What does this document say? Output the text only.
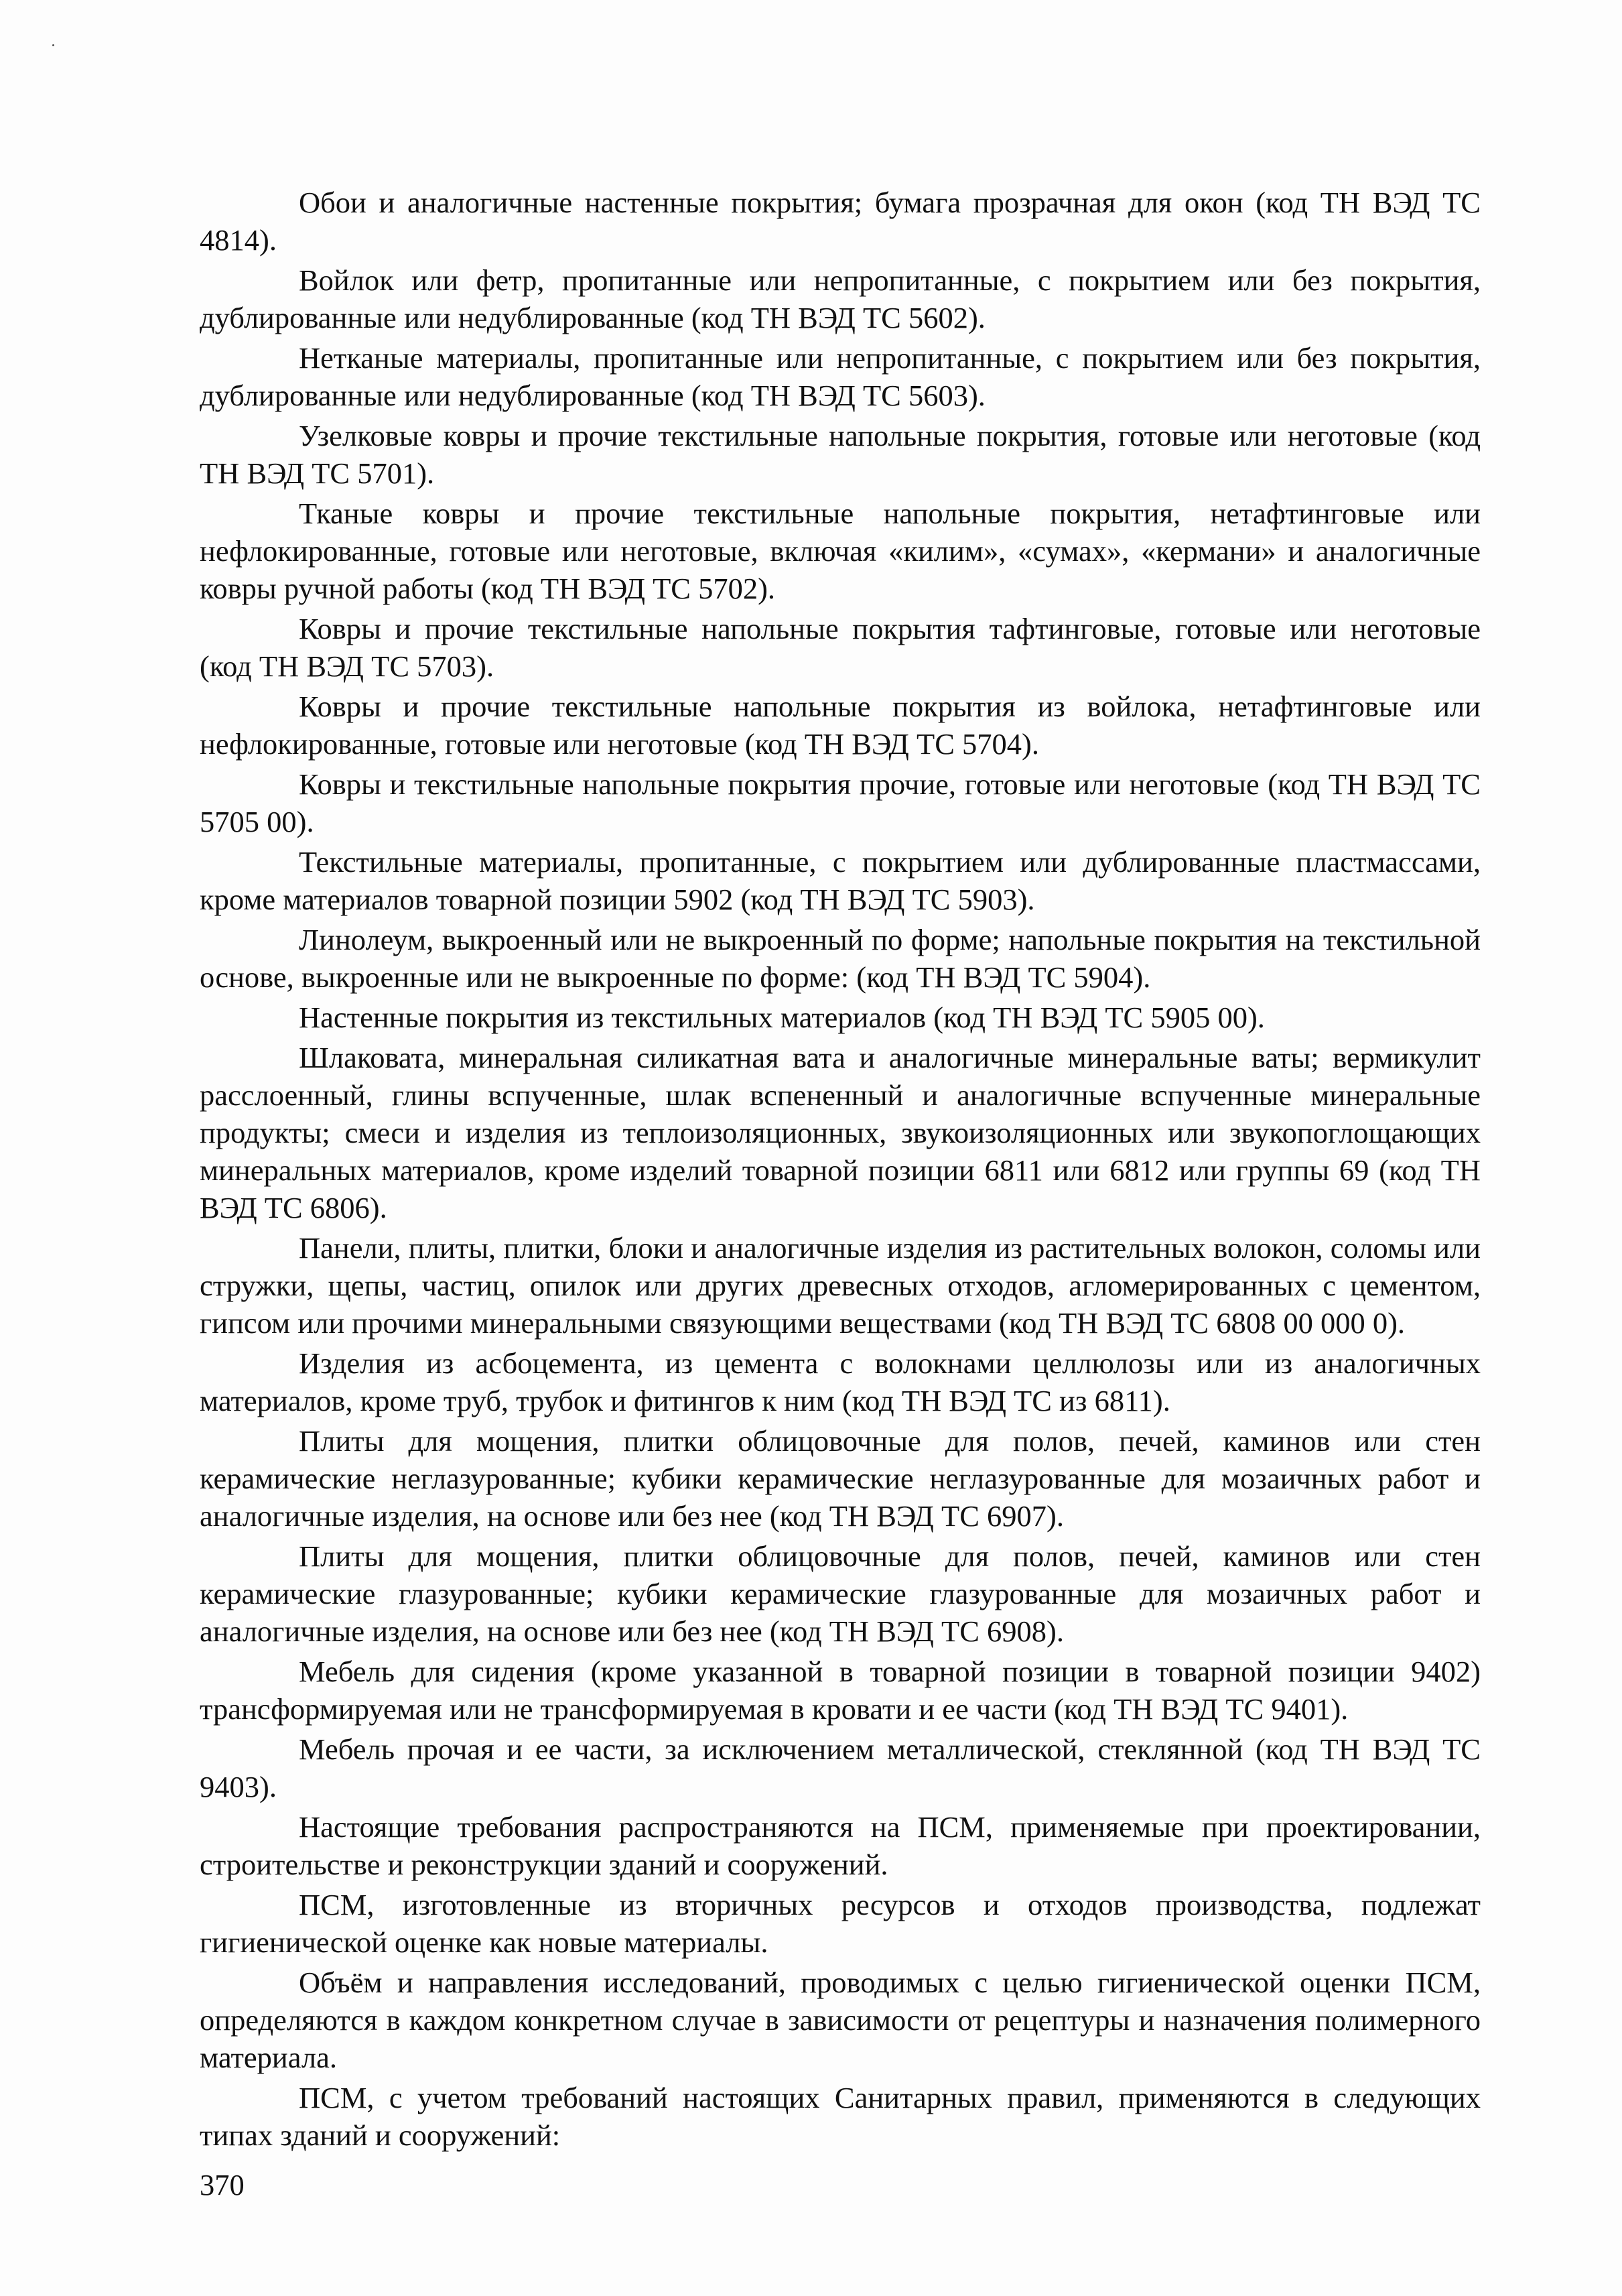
Обои и аналогичные настенные покрытия; бумага прозрачная для окон (код ТН ВЭД ТС 4814).

Войлок или фетр, пропитанные или непропитанные, с покрытием или без покрытия, дублированные или недублированные (код ТН ВЭД ТС 5602).

Нетканые материалы, пропитанные или непропитанные, с покрытием или без покрытия, дублированные или недублированные (код ТН ВЭД ТС 5603).

Узелковые ковры и прочие текстильные напольные покрытия, готовые или неготовые (код ТН ВЭД ТС 5701).

Тканые ковры и прочие текстильные напольные покрытия, нетафтинговые или нефлокированные, готовые или неготовые, включая «килим», «сумах», «кермани» и аналогичные ковры ручной работы (код ТН ВЭД ТС 5702).

Ковры и прочие текстильные напольные покрытия тафтинговые, готовые или неготовые (код ТН ВЭД ТС 5703).

Ковры и прочие текстильные напольные покрытия из войлока, нетафтинговые или нефлокированные, готовые или неготовые (код ТН ВЭД ТС 5704).

Ковры и текстильные напольные покрытия прочие, готовые или неготовые (код ТН ВЭД ТС 5705 00).

Текстильные материалы, пропитанные, с покрытием или дублированные пластмассами, кроме материалов товарной позиции 5902 (код ТН ВЭД ТС 5903).

Линолеум, выкроенный или не выкроенный по форме; напольные покрытия на текстильной основе, выкроенные или не выкроенные по форме: (код ТН ВЭД ТС 5904).

Настенные покрытия из текстильных материалов (код ТН ВЭД ТС 5905 00).

Шлаковата, минеральная силикатная вата и аналогичные минеральные ваты; вермикулит расслоенный, глины вспученные, шлак вспененный и аналогичные вспученные минеральные продукты; смеси и изделия из теплоизоляционных, звукоизоляционных или звукопоглощающих минеральных материалов, кроме изделий товарной позиции 6811 или 6812 или группы 69 (код ТН ВЭД ТС 6806).

Панели, плиты, плитки, блоки и аналогичные изделия из растительных волокон, соломы или стружки, щепы, частиц, опилок или других древесных отходов, агломерированных с цементом, гипсом или прочими минеральными связующими веществами (код ТН ВЭД ТС 6808 00 000 0).

Изделия из асбоцемента, из цемента с волокнами целлюлозы или из аналогичных материалов, кроме труб, трубок и фитингов к ним (код ТН ВЭД ТС из 6811).

Плиты для мощения, плитки облицовочные для полов, печей, каминов или стен керамические неглазурованные; кубики керамические неглазурованные для мозаичных работ и аналогичные изделия, на основе или без нее (код ТН ВЭД ТС 6907).

Плиты для мощения, плитки облицовочные для полов, печей, каминов или стен керамические глазурованные; кубики керамические глазурованные для мозаичных работ и аналогичные изделия, на основе или без нее (код ТН ВЭД ТС 6908).

Мебель для сидения (кроме указанной в товарной позиции в товарной позиции 9402) трансформируемая или не трансформируемая в кровати и ее части (код ТН ВЭД ТС 9401).

Мебель прочая и ее части, за исключением металлической, стеклянной (код ТН ВЭД ТС 9403).

Настоящие требования распространяются на ПСМ, применяемые при проектировании, строительстве и реконструкции зданий и сооружений.

ПСМ, изготовленные из вторичных ресурсов и отходов производства, подлежат гигиенической оценке как новые материалы.

Объём и направления исследований, проводимых с целью гигиенической оценки ПСМ, определяются в каждом конкретном случае в зависимости от рецептуры и назначения полимерного материала.

ПСМ, с учетом требований настоящих Санитарных правил, применяются в следующих типах зданий и сооружений:

370
